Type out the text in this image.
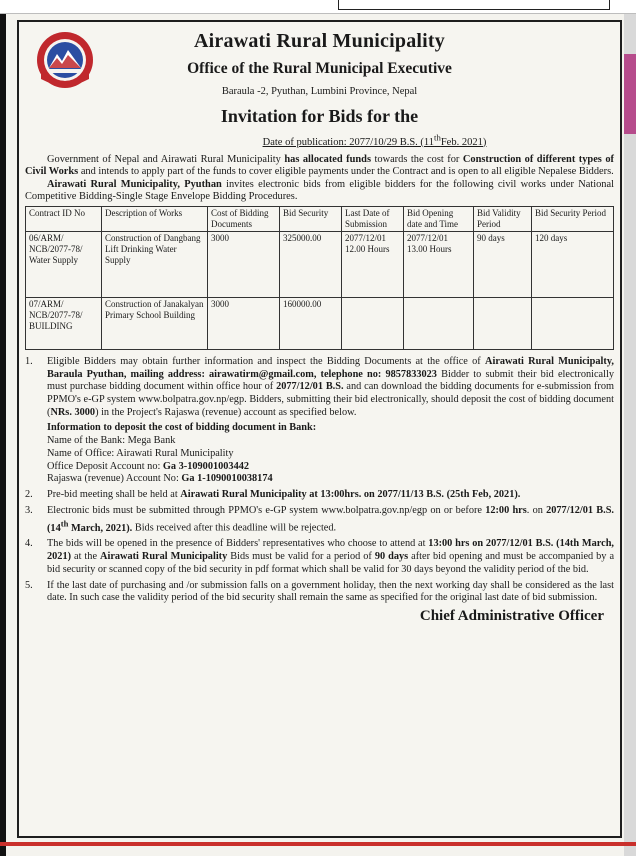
Airawati Rural Municipality
Office of the Rural Municipal Executive
Baraula -2, Pyuthan, Lumbini Province, Nepal
Invitation for Bids for the
Date of publication: 2077/10/29 B.S. (11thFeb. 2021)

Government of Nepal and Airawati Rural Municipality has allocated funds towards the cost for Construction of different types of Civil Works and intends to apply part of the funds to cover eligible payments under the Contract and is open to all eligible Nepalese Bidders.

Airawati Rural Municipality, Pyuthan invites electronic bids from eligible bidders for the following civil works under National Competitive Bidding-Single Stage Envelope Bidding Procedures.

Contract ID No	Description of Works	Cost of Bidding Documents	Bid Security	Last Date of Submission	Bid Opening date and Time	Bid Validity Period	Bid Security Period
06/ARM/ NCB/2077-78/ Water Supply	Construction of Dangbang Lift Drinking Water Supply	3000	325000.00	2077/12/01 12.00 Hours	2077/12/01 13.00 Hours	90 days	120 days
07/ARM/ NCB/2077-78/ BUILDING	Construction of Janakalyan Primary School Building	3000	160000.00				
1.	Eligible Bidders may obtain further information and inspect the Bidding Documents at the office of Airawati Rural Municipalty, Baraula Pyuthan, mailing address: airawatirm@gmail.com, telephone no: 9857833023 Bidder to submit their bid electronically must purchase bidding document within office hour of 2077/12/01 B.S. and can download the bidding documents for e-submission from PPMO's e-GP system www.bolpatra.gov.np/egp. Bidders, submitting their bid electronically, should deposit the cost of bidding document (NRs. 3000) in the Project's Rajaswa (revenue) account as specified below.
Information to deposit the cost of bidding document in Bank:
Name of the Bank: Mega Bank
Name of Office: Airawati Rural Municipality
Office Deposit Account no: Ga 3-109001003442
Rajaswa (revenue) Account No: Ga 1-1090010038174
2.	Pre-bid meeting shall be held at Airawati Rural Municipality at 13:00hrs. on 2077/11/13 B.S. (25th Feb, 2021).
3.	Electronic bids must be submitted through PPMO's e-GP system www.bolpatra.gov.np/egp on or before 12:00 hrs. on 2077/12/01 B.S. (14th March, 2021). Bids received after this deadline will be rejected.
4.	The bids will be opened in the presence of Bidders' representatives who choose to attend at 13:00 hrs on 2077/12/01 B.S. (14th March, 2021) at the Airawati Rural Municipality Bids must be valid for a period of 90 days after bid opening and must be accompanied by a bid security or scanned copy of the bid security in pdf format which shall be valid for 30 days beyond the validity period of the bid.
5.	If the last date of purchasing and /or submission falls on a government holiday, then the next working day shall be considered as the last date. In such case the validity period of the bid security shall remain the same as specified for the original last date of bid submission.
Chief Administrative Officer
